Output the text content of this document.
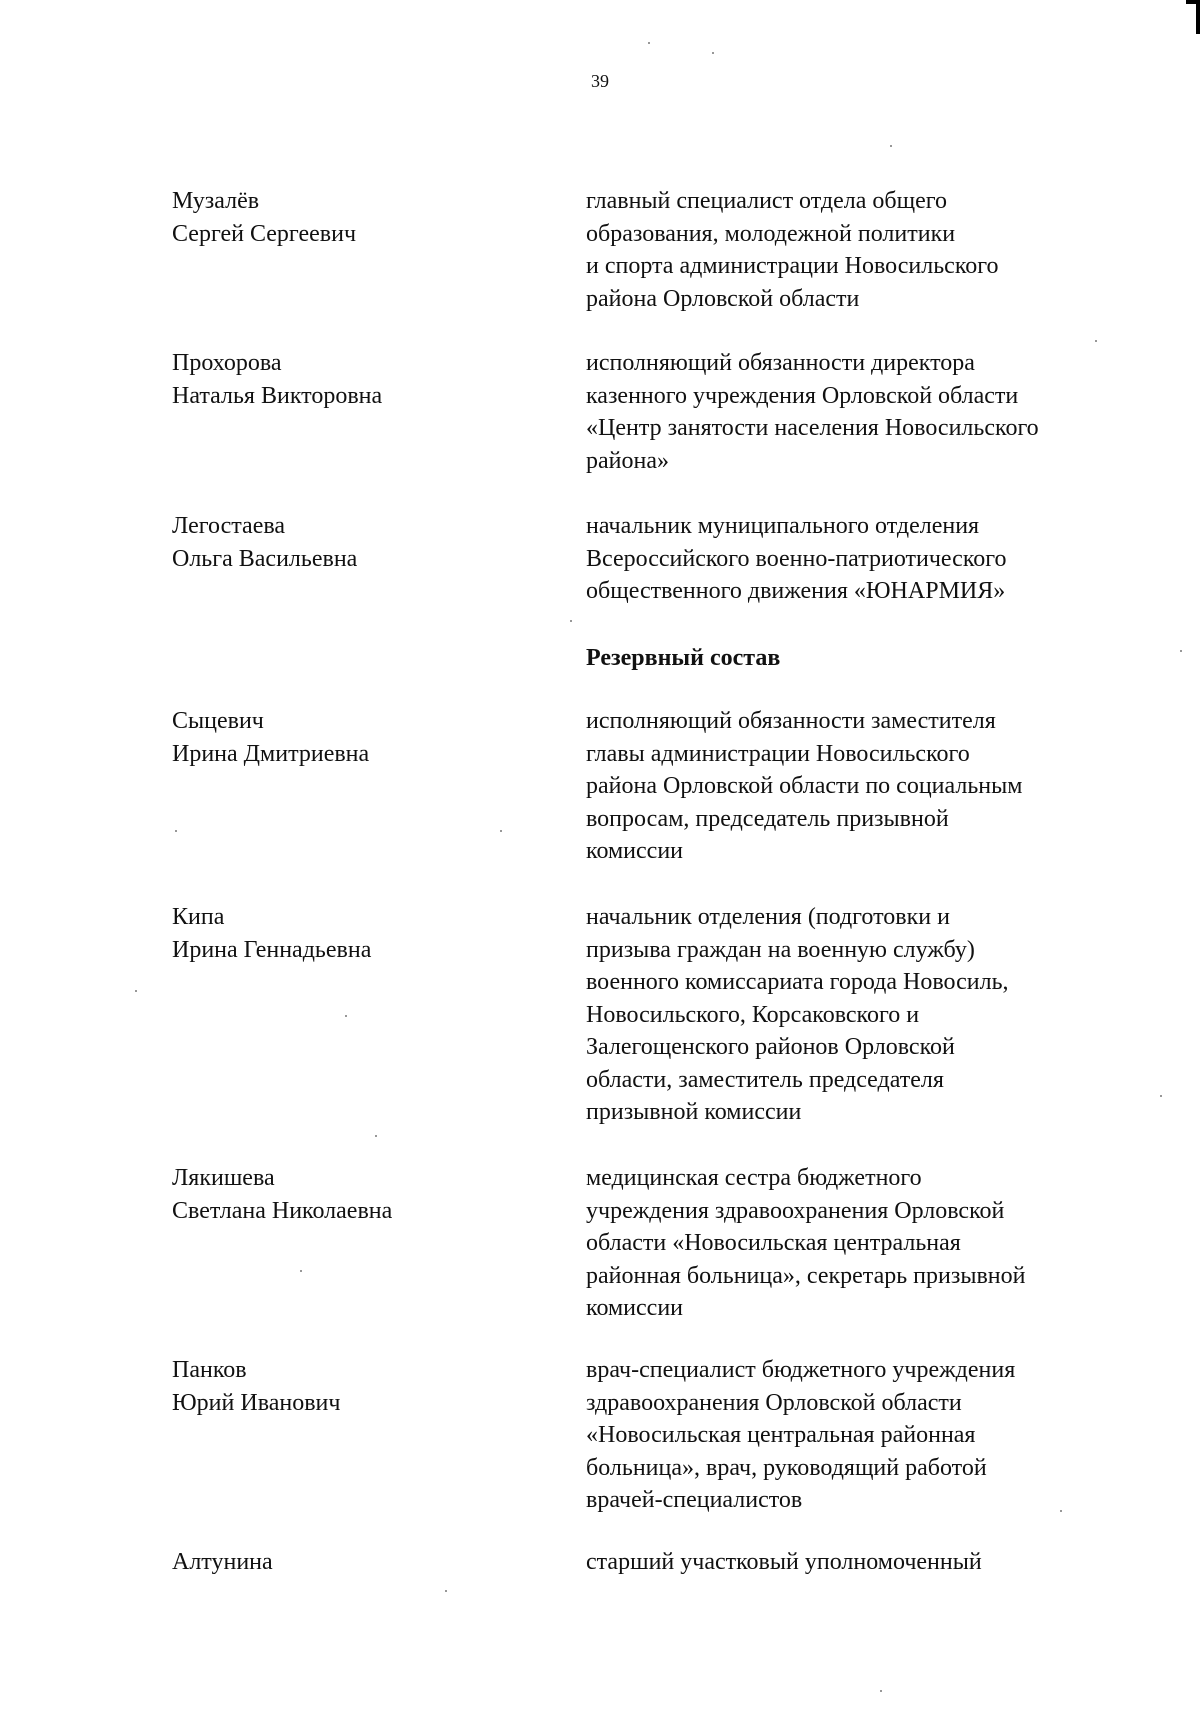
39
Музалёв
Сергей Сергеевич
главный специалист отдела общего
образования, молодежной политики
и спорта администрации Новосильского
района Орловской области
Прохорова
Наталья Викторовна
исполняющий обязанности директора
казенного учреждения Орловской области
«Центр занятости населения Новосильского
района»
Легостаева
Ольга Васильевна
начальник муниципального отделения
Всероссийского военно-патриотического
общественного движения «ЮНАРМИЯ»
Резервный состав
Сыцевич
Ирина Дмитриевна
исполняющий обязанности заместителя
главы администрации Новосильского
района Орловской области по социальным
вопросам, председатель призывной
комиссии
Кипа
Ирина Геннадьевна
начальник отделения (подготовки и
призыва граждан на военную службу)
военного комиссариата города Новосиль,
Новосильского, Корсаковского и
Залегощенского районов Орловской
области, заместитель председателя
призывной комиссии
Лякишева
Светлана Николаевна
медицинская сестра бюджетного
учреждения здравоохранения Орловской
области «Новосильская центральная
районная больница», секретарь призывной
комиссии
Панков
Юрий Иванович
врач-специалист бюджетного учреждения
здравоохранения Орловской области
«Новосильская центральная районная
больница», врач, руководящий работой
врачей-специалистов
Алтунина	старший участковый уполномоченный
